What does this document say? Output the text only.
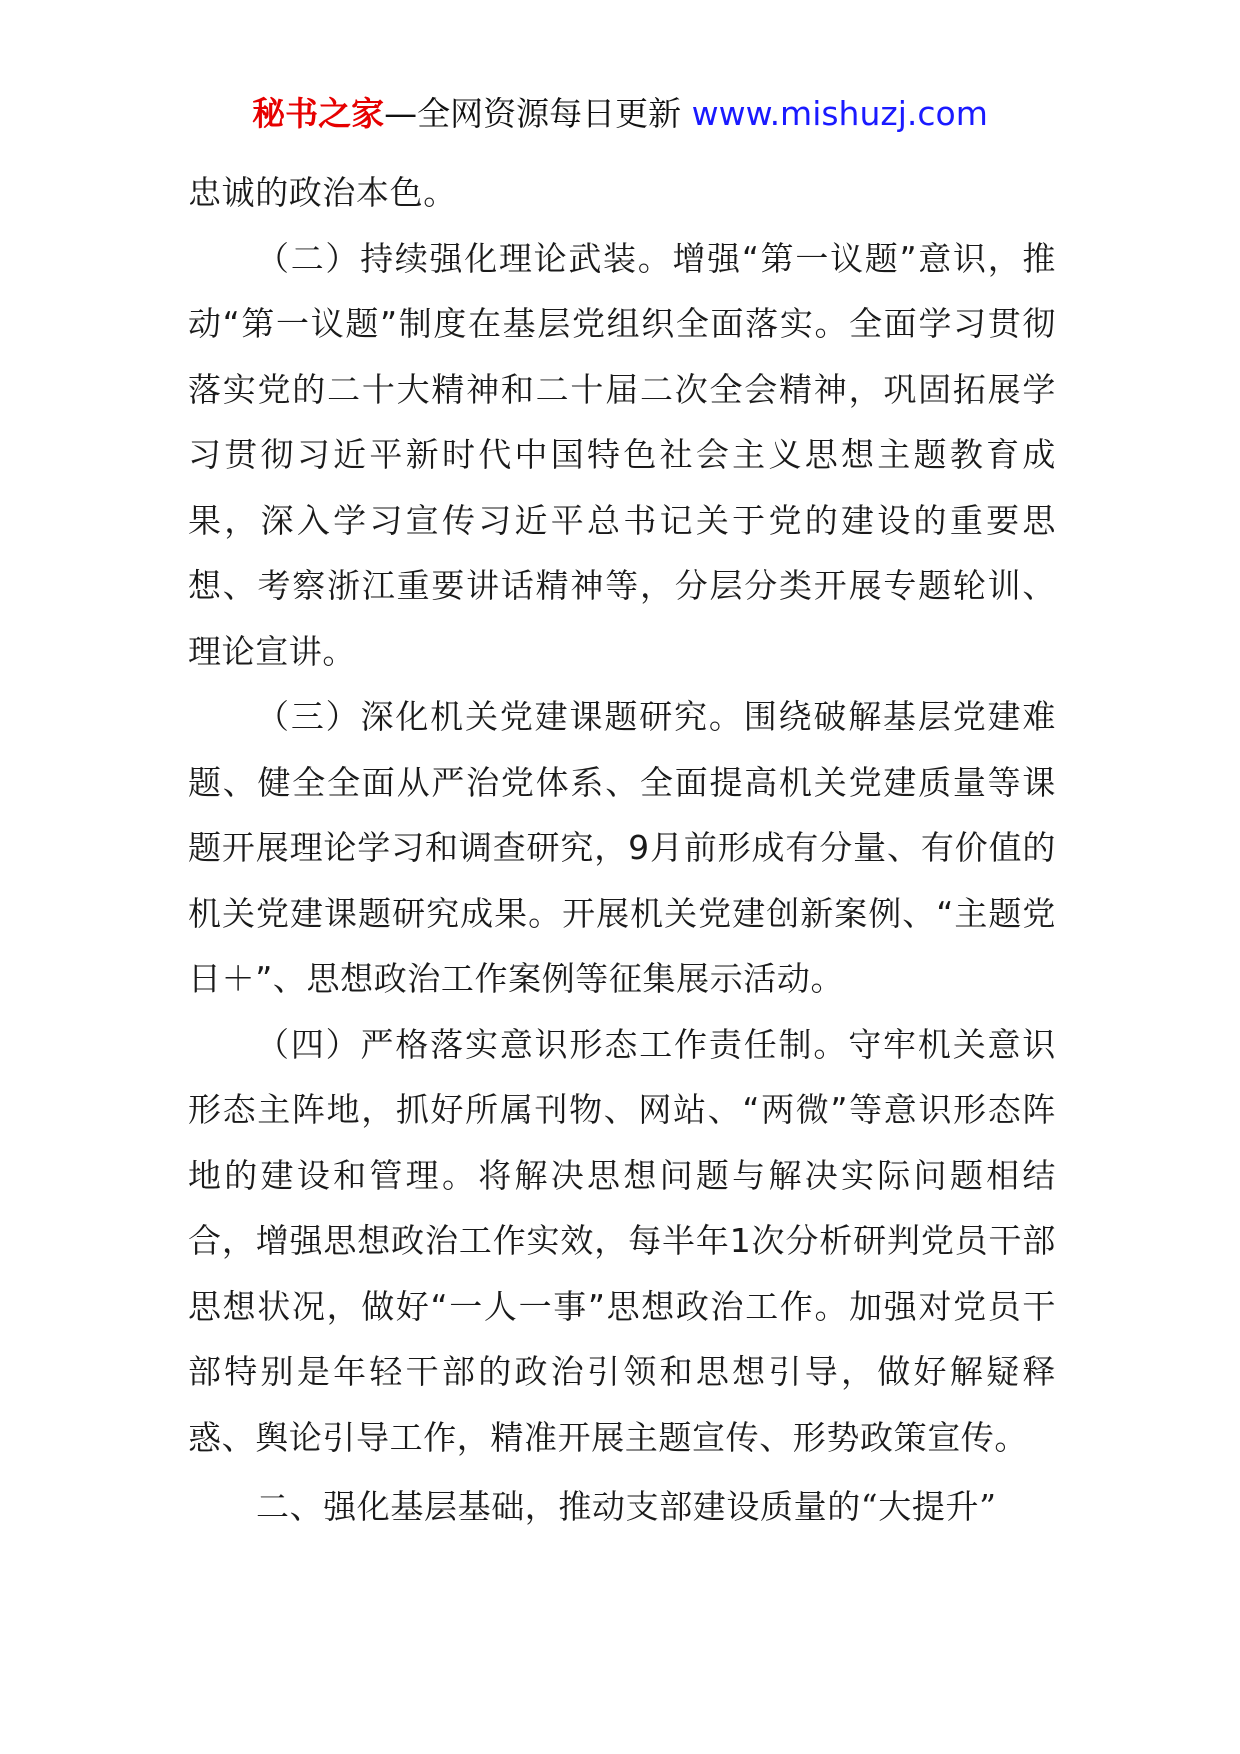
秘书之家—全网资源每日更新 www.mishuzj.com

忠诚的政治本色。

（二）持续强化理论武装。增强“第一议题”意识，推动“第一议题”制度在基层党组织全面落实。全面学习贯彻落实党的二十大精神和二十届二次全会精神，巩固拓展学习贯彻习近平新时代中国特色社会主义思想主题教育成果，深入学习宣传习近平总书记关于党的建设的重要思想、考察浙江重要讲话精神等，分层分类开展专题轮训、理论宣讲。

（三）深化机关党建课题研究。围绕破解基层党建难题、健全全面从严治党体系、全面提高机关党建质量等课题开展理论学习和调查研究，9月前形成有分量、有价值的机关党建课题研究成果。开展机关党建创新案例、“主题党日＋”、思想政治工作案例等征集展示活动。

（四）严格落实意识形态工作责任制。守牢机关意识形态主阵地，抓好所属刊物、网站、“两微”等意识形态阵地的建设和管理。将解决思想问题与解决实际问题相结合，增强思想政治工作实效，每半年1次分析研判党员干部思想状况，做好“一人一事”思想政治工作。加强对党员干部特别是年轻干部的政治引领和思想引导，做好解疑释惑、舆论引导工作，精准开展主题宣传、形势政策宣传。

二、强化基层基础，推动支部建设质量的“大提升”
